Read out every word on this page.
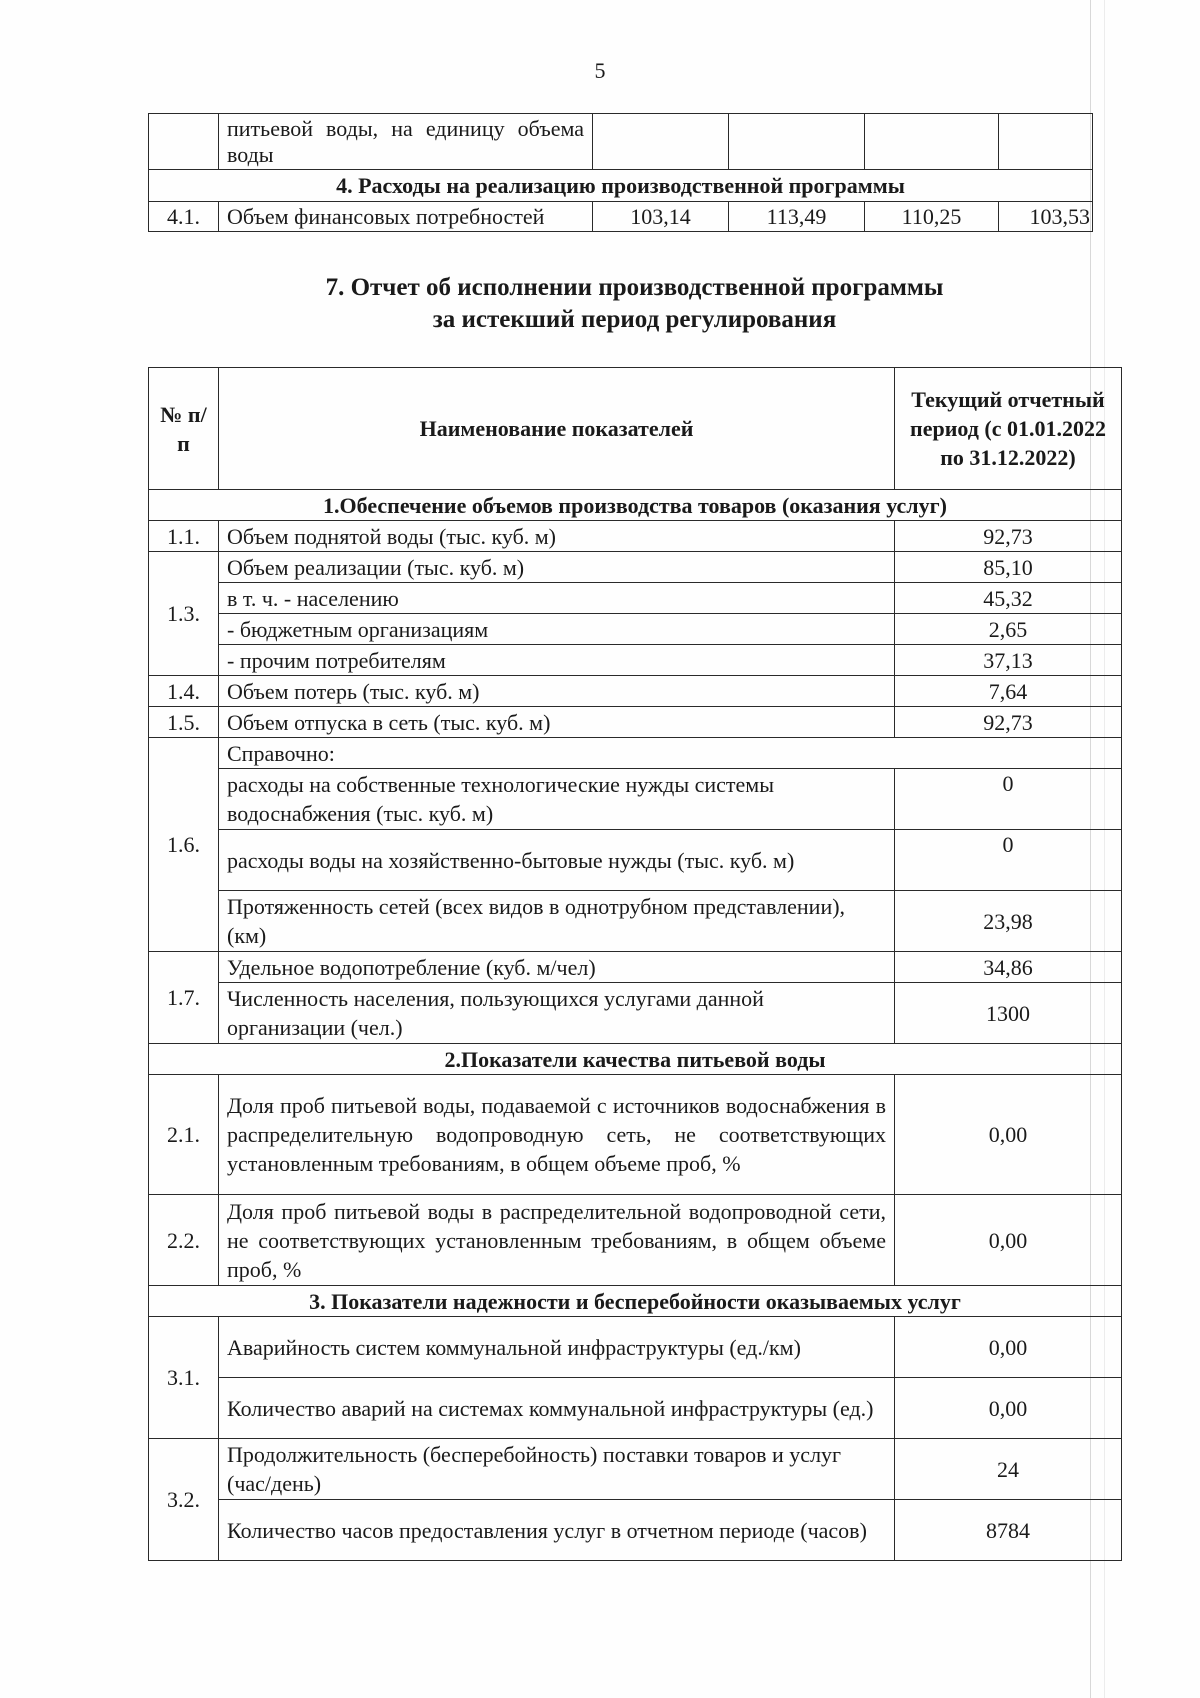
5
	питьевой воды, на единицу объема воды				
4. Расходы на реализацию производственной программы					
4.1.	Объем финансовых потребностей	103,14	113,49	110,25	103,53
7. Отчет об исполнении производственной программы
за истекший период регулирования
№ п/п	Наименование показателей	Текущий отчетный период (с 01.01.2022 по 31.12.2022)
1.Обеспечение объемов производства товаров (оказания услуг)		
1.1.	Объем поднятой воды (тыс. куб. м)	92,73
1.3.	Объем реализации (тыс. куб. м)	85,10
	в т. ч. - населению	45,32
	- бюджетным организациям	2,65
	- прочим потребителям	37,13
1.4.	Объем потерь (тыс. куб. м)	7,64
1.5.	Объем отпуска в сеть (тыс. куб. м)	92,73
1.6.	Справочно:	
	расходы на собственные технологические нужды системы водоснабжения (тыс. куб. м)	0
	расходы воды на хозяйственно-бытовые нужды (тыс. куб. м)	0
	Протяженность сетей (всех видов в однотрубном представлении), (км)	23,98
1.7.	Удельное водопотребление (куб. м/чел)	34,86
	Численность населения, пользующихся услугами данной организации (чел.)	1300
2.Показатели качества питьевой воды		
2.1.	Доля проб питьевой воды, подаваемой с источников водоснабжения в распределительную водопроводную сеть, не соответствующих установленным требованиям, в общем объеме проб, %	0,00
2.2.	Доля проб питьевой воды в распределительной водопроводной сети, не соответствующих установленным требованиям, в общем объеме проб, %	0,00
3. Показатели надежности и бесперебойности оказываемых услуг		
3.1.	Аварийность систем коммунальной инфраструктуры (ед./км)	0,00
	Количество аварий на системах коммунальной инфраструктуры (ед.)	0,00
3.2.	Продолжительность (бесперебойность) поставки товаров и услуг (час/день)	24
	Количество часов предоставления услуг в отчетном периоде (часов)	8784
